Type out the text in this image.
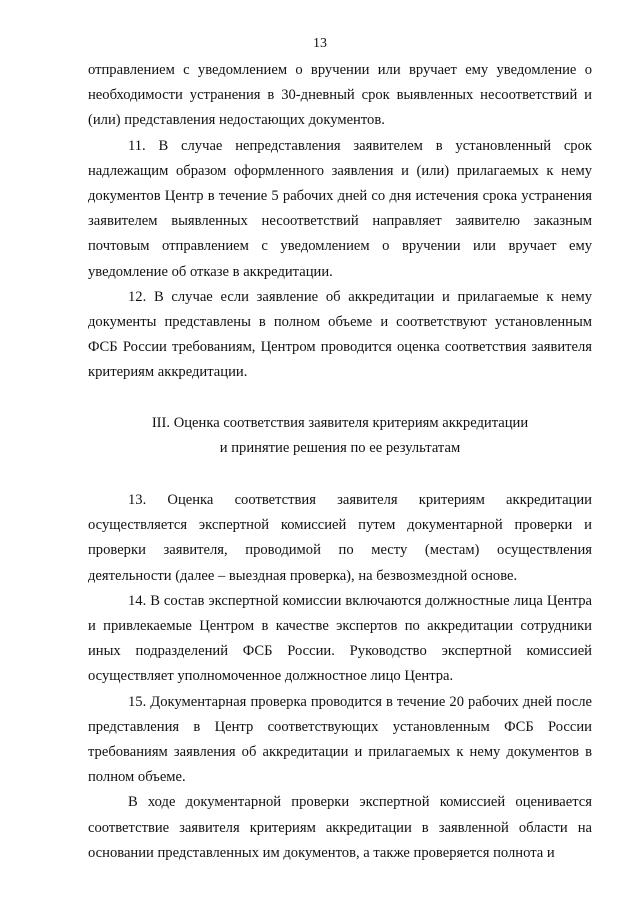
13

отправлением с уведомлением о вручении или вручает ему уведомление о необходимости устранения в 30-дневный срок выявленных несоответствий и (или) представления недостающих документов.

11. В случае непредставления заявителем в установленный срок надлежащим образом оформленного заявления и (или) прилагаемых к нему документов Центр в течение 5 рабочих дней со дня истечения срока устранения заявителем выявленных несоответствий направляет заявителю заказным почтовым отправлением с уведомлением о вручении или вручает ему уведомление об отказе в аккредитации.

12. В случае если заявление об аккредитации и прилагаемые к нему документы представлены в полном объеме и соответствуют установленным ФСБ России требованиям, Центром проводится оценка соответствия заявителя критериям аккредитации.

III. Оценка соответствия заявителя критериям аккредитации

и принятие решения по ее результатам

13. Оценка соответствия заявителя критериям аккредитации осуществляется экспертной комиссией путем документарной проверки и проверки заявителя, проводимой по месту (местам) осуществления деятельности (далее – выездная проверка), на безвозмездной основе.

14. В состав экспертной комиссии включаются должностные лица Центра и привлекаемые Центром в качестве экспертов по аккредитации сотрудники иных подразделений ФСБ России. Руководство экспертной комиссией осуществляет уполномоченное должностное лицо Центра.

15. Документарная проверка проводится в течение 20 рабочих дней после представления в Центр соответствующих установленным ФСБ России требованиям заявления об аккредитации и прилагаемых к нему документов в полном объеме.

В ходе документарной проверки экспертной комиссией оценивается соответствие заявителя критериям аккредитации в заявленной области на основании представленных им документов, а также проверяется полнота и
